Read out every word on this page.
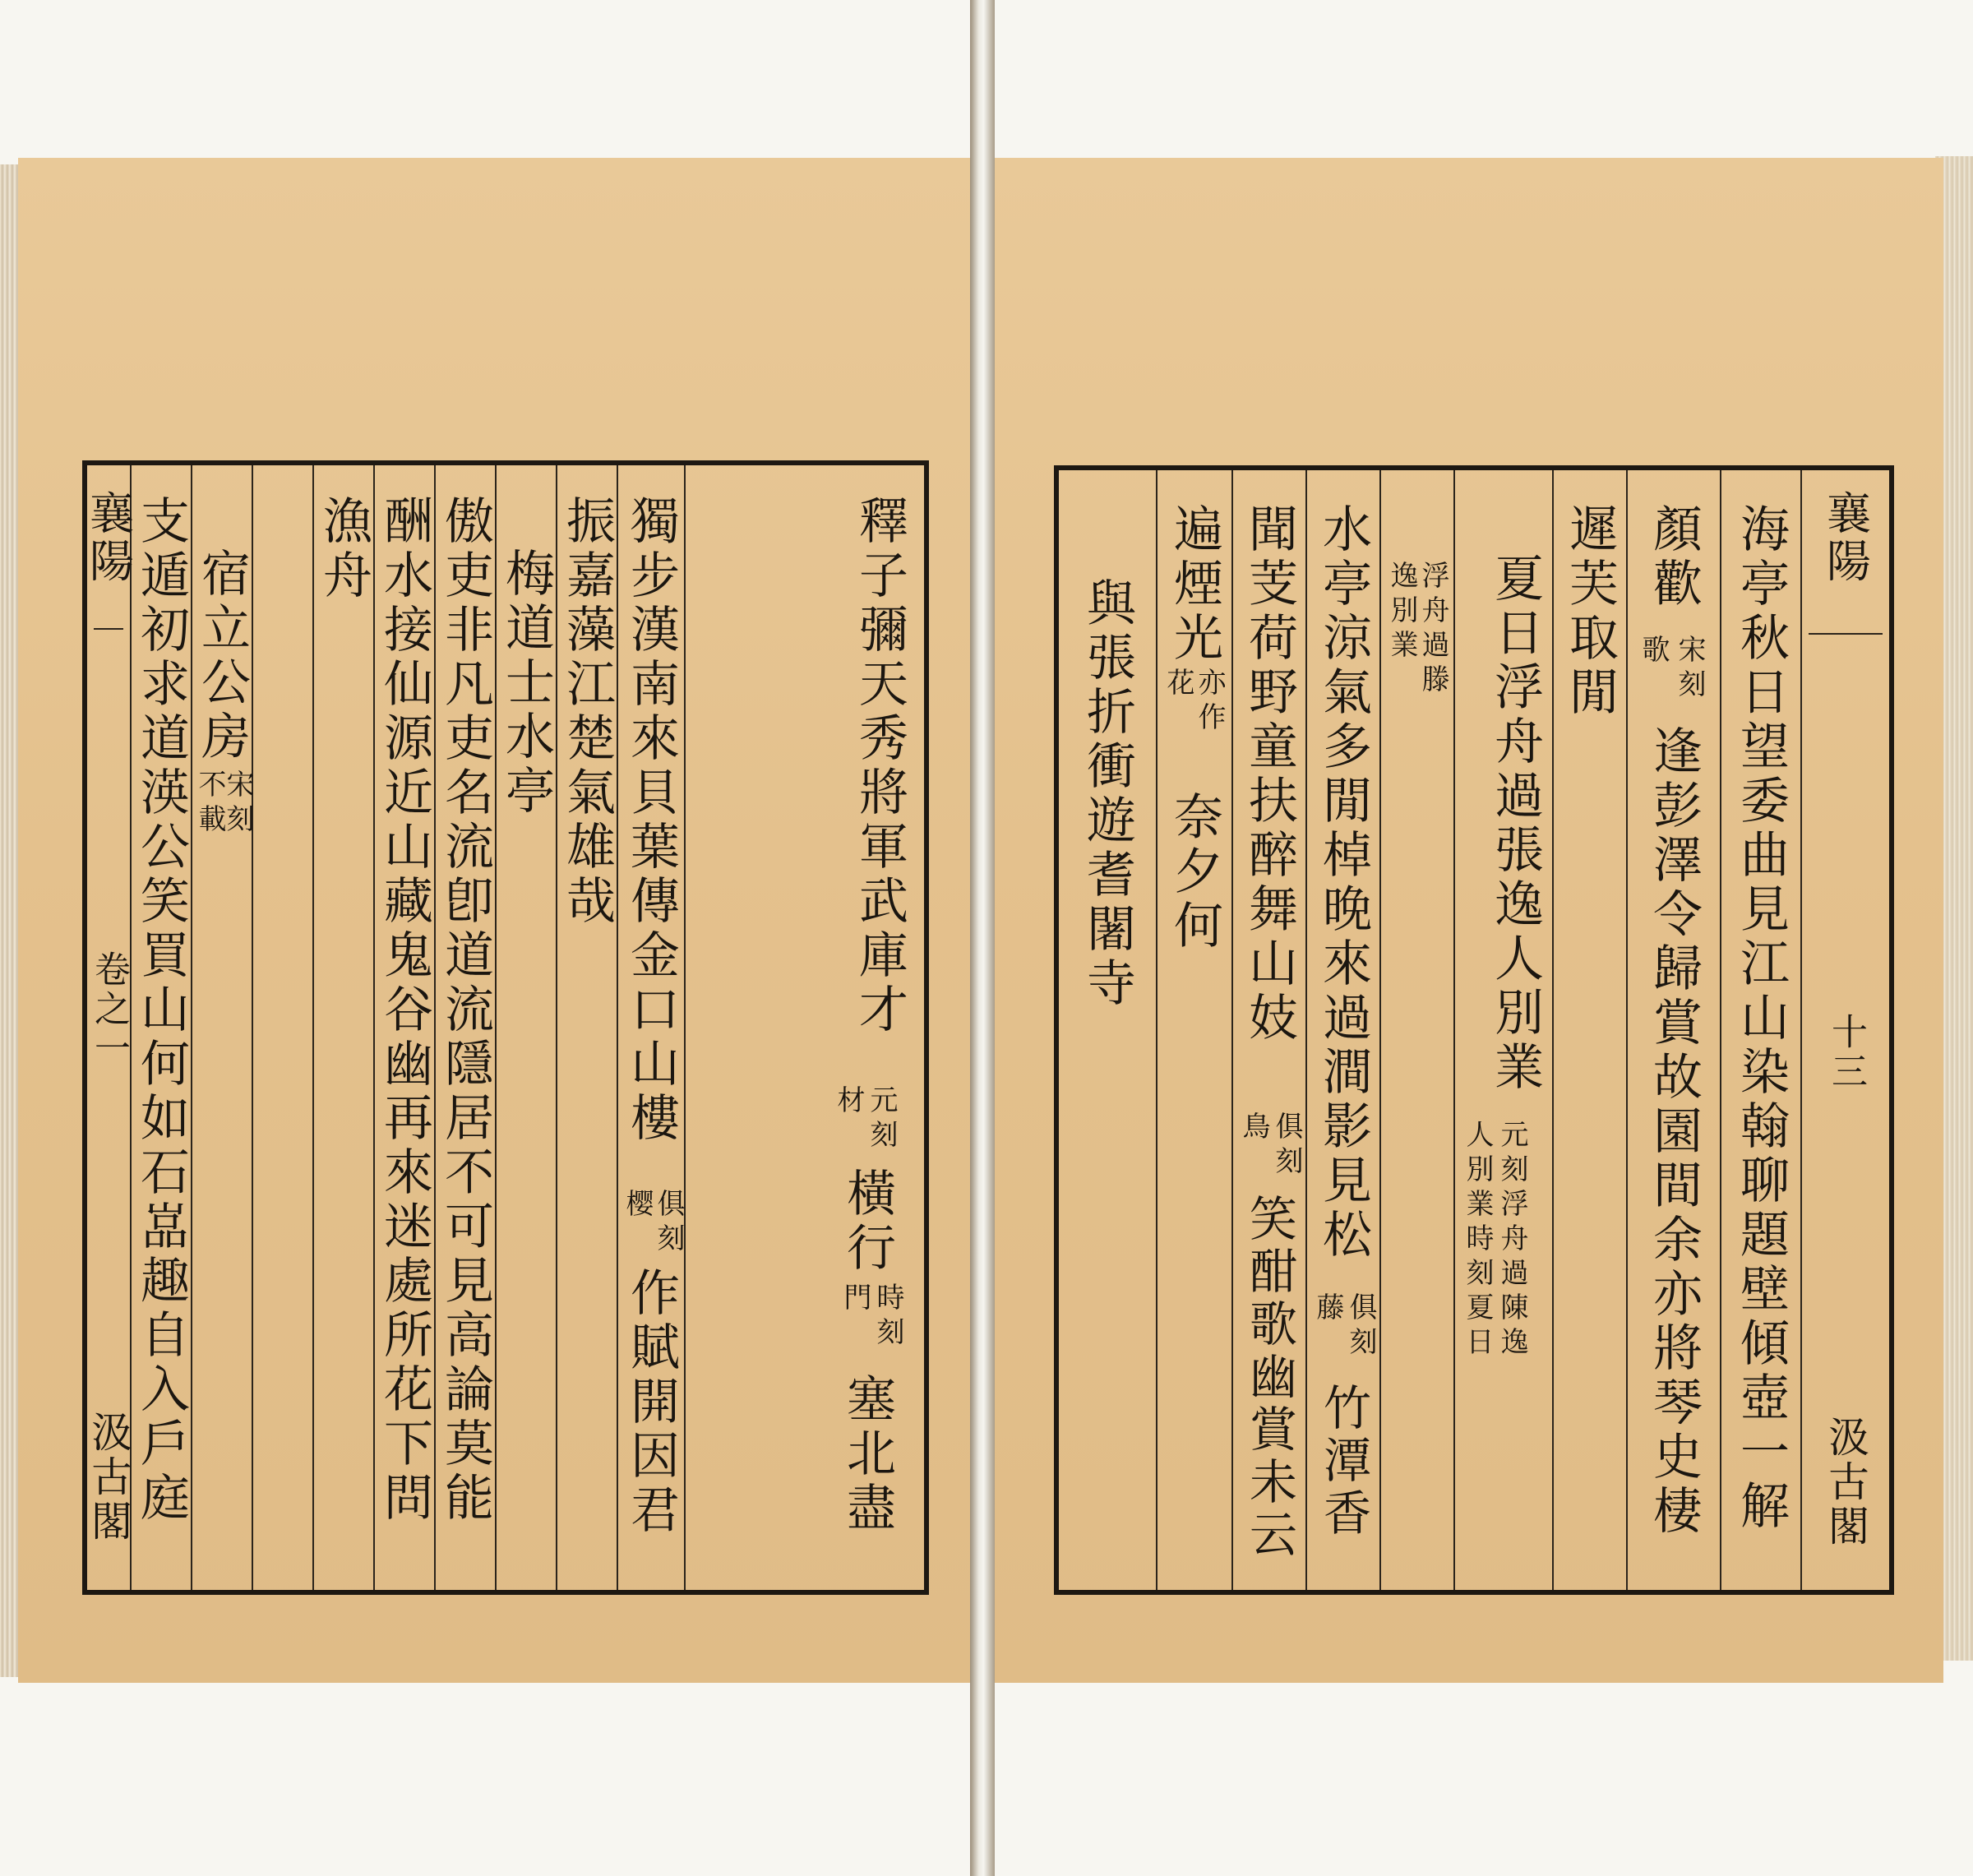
襄陽
卷之一
汲古閣 支遁初求道渶公笑買山何如石嵓趣自入戶庭 宿立公房
宋刻
不載
漁舟 酬水接仙源近山藏鬼谷幽再來迷處所花下問 傲吏非凡吏名流卽道流隱居不可見高論莫能 梅道士水亭 振嘉藻江楚氣雄哉 獨步漢南來貝葉傳金口山樓
俱刻
樱
作賦開因君
釋子彌天秀將軍武庫才
元刻
材
橫行
時刻
門
塞北盡
與張折衝遊耆闍寺 遍煙光
亦作
花
奈夕何 聞芰荷野童扶醉舞山妓
俱刻
鳥
笑酣歌幽賞未云
水亭涼氣多閒棹晚來過澗影見松
俱刻
藤
竹潭香
浮舟過滕
逸別業 夏日浮舟過張逸人別業
元刻浮舟過陳逸
人別業時刻夏日
遲芙取閒 顏歡
宋刻
歌
逢彭澤令歸賞故園間余亦將琴史棲 海亭秋日望委曲見江山染翰聊題壁傾壺一解 襄陽
十三
汲古閣
